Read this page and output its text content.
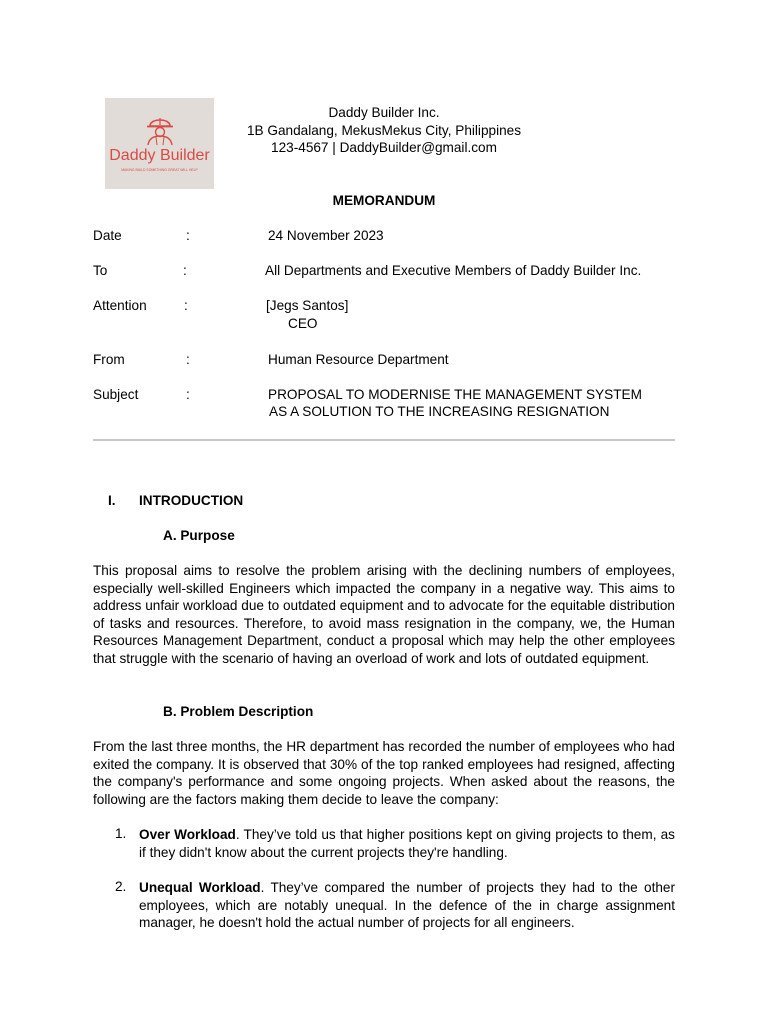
Daddy Builder
MAKING BUILD SOMETHING GREAT WILL HELP
Daddy Builder Inc.
1B Gandalang, MekusMekus City, Philippines
123-4567 | DaddyBuilder@gmail.com
MEMORANDUM
Date	:	24 November 2023
To	:	All Departments and Executive Members of Daddy Builder Inc.
Attention	:	[Jegs Santos]
CEO
From	:	Human Resource Department
Subject	:	PROPOSAL TO MODERNISE THE MANAGEMENT SYSTEM
AS A SOLUTION TO THE INCREASING RESIGNATION
I. INTRODUCTION
A. Purpose
This proposal aims to resolve the problem arising with the declining numbers of employees, especially well-skilled Engineers which impacted the company in a negative way. This aims to address unfair workload due to outdated equipment and to advocate for the equitable distribution of tasks and resources. Therefore, to avoid mass resignation in the company, we, the Human Resources Management Department, conduct a proposal which may help the other employees that struggle with the scenario of having an overload of work and lots of outdated equipment.
B. Problem Description
From the last three months, the HR department has recorded the number of employees who had exited the company. It is observed that 30% of the top ranked employees had resigned, affecting the company's performance and some ongoing projects. When asked about the reasons, the following are the factors making them decide to leave the company:
1. Over Workload. They’ve told us that higher positions kept on giving projects to them, as if they didn't know about the current projects they're handling.
2. Unequal Workload. They’ve compared the number of projects they had to the other employees, which are notably unequal. In the defence of the in charge assignment manager, he doesn't hold the actual number of projects for all engineers.
